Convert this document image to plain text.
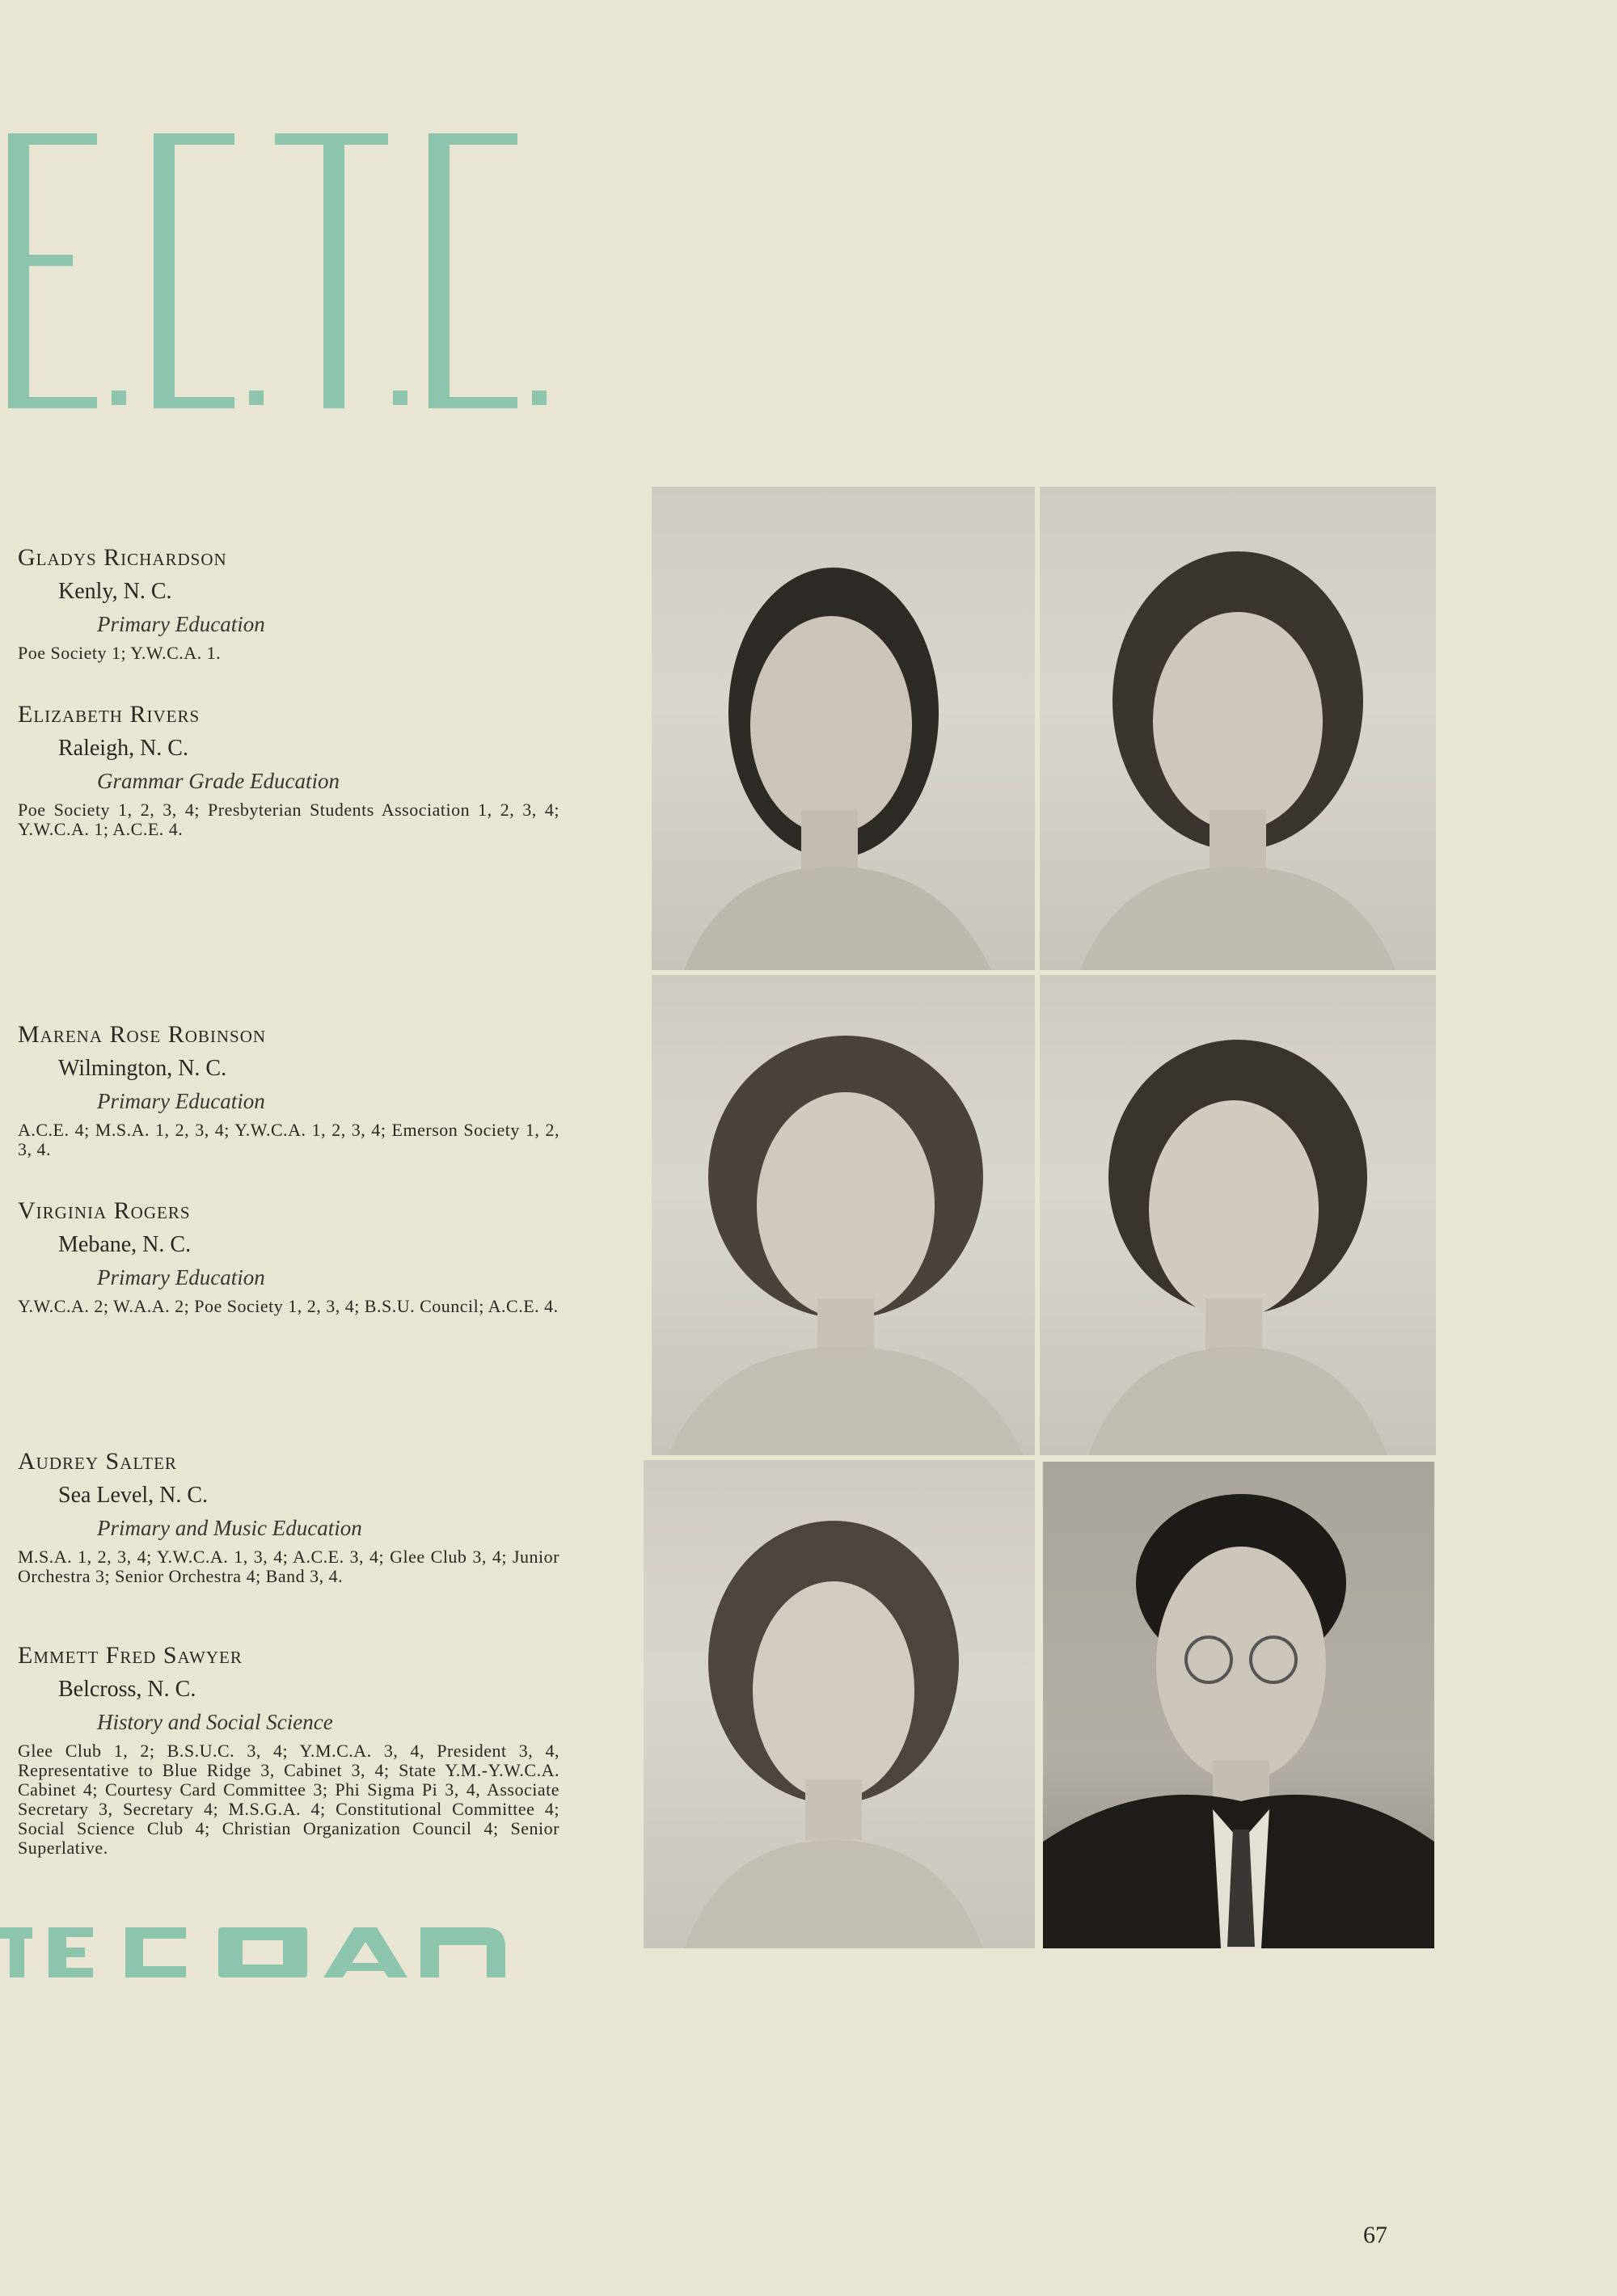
Gladys Richardson
Kenly, N. C.
Primary Education
Poe Society 1; Y.W.C.A. 1.
Elizabeth Rivers
Raleigh, N. C.
Grammar Grade Education
Poe Society 1, 2, 3, 4; Presbyterian Students Association 1, 2, 3, 4; Y.W.C.A. 1; A.C.E. 4.
Marena Rose Robinson
Wilmington, N. C.
Primary Education
A.C.E. 4; M.S.A. 1, 2, 3, 4; Y.W.C.A. 1, 2, 3, 4; Emerson Society 1, 2, 3, 4.
Virginia Rogers
Mebane, N. C.
Primary Education
Y.W.C.A. 2; W.A.A. 2; Poe Society 1, 2, 3, 4; B.S.U. Council; A.C.E. 4.
Audrey Salter
Sea Level, N. C.
Primary and Music Education
M.S.A. 1, 2, 3, 4; Y.W.C.A. 1, 3, 4; A.C.E. 3, 4; Glee Club 3, 4; Junior Orchestra 3; Senior Orchestra 4; Band 3, 4.
Emmett Fred Sawyer
Belcross, N. C.
History and Social Science
Glee Club 1, 2; B.S.U.C. 3, 4; Y.M.C.A. 3, 4, President 3, 4, Representative to Blue Ridge 3, Cabinet 3, 4; State Y.M.-Y.W.C.A. Cabinet 4; Courtesy Card Committee 3; Phi Sigma Pi 3, 4, Associate Secretary 3, Secretary 4; M.S.G.A. 4; Constitutional Committee 4; Social Science Club 4; Christian Organization Council 4; Senior Superlative.
67
